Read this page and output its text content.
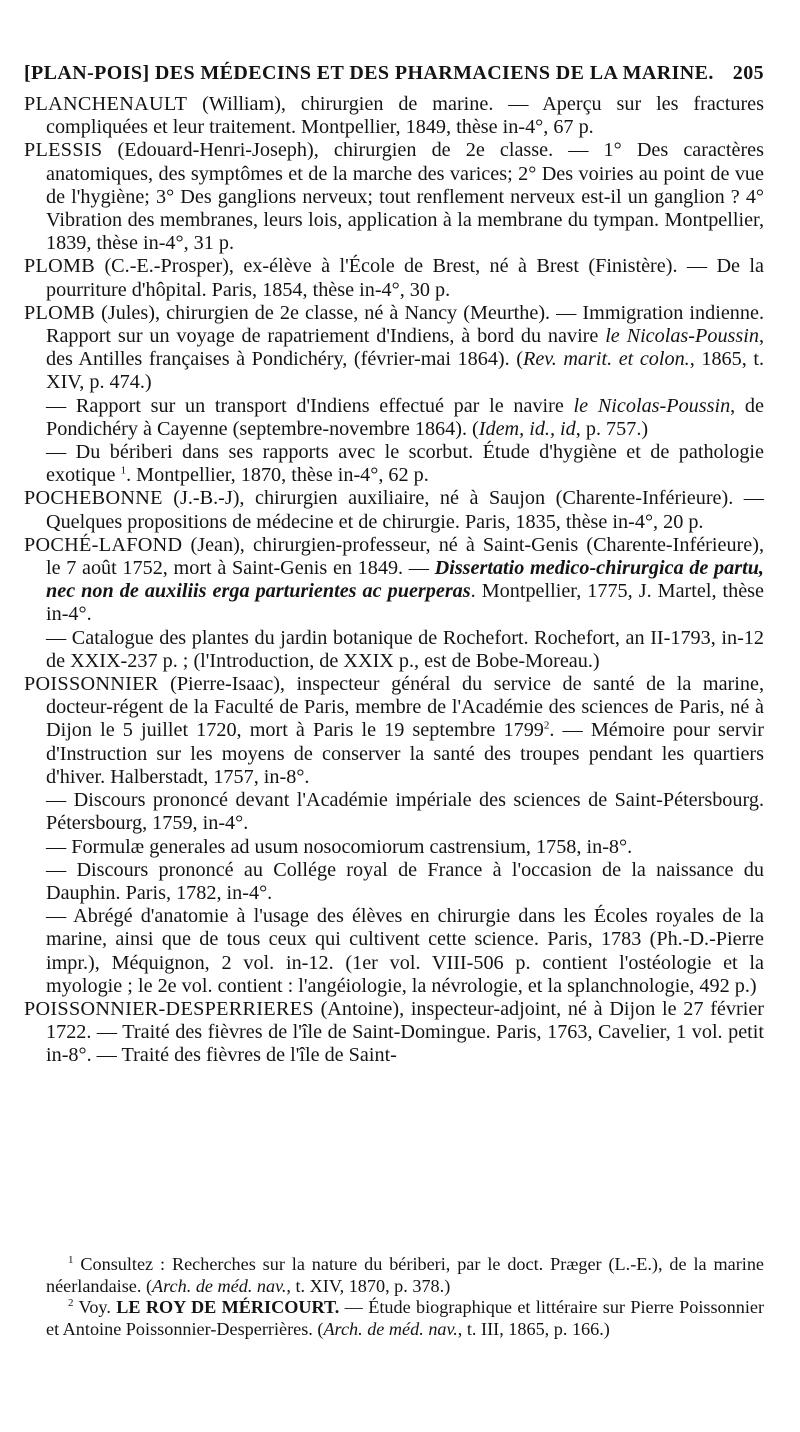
[PLAN-POIS] DES MÉDECINS ET DES PHARMACIENS DE LA MARINE. 205

PLANCHENAULT (William), chirurgien de marine. — Aperçu sur les fractures compliquées et leur traitement. Montpellier, 1849, thèse in-4°, 67 p.

PLESSIS (Edouard-Henri-Joseph), chirurgien de 2e classe. — 1° Des caractères anatomiques, des symptômes et de la marche des varices; 2° Des voiries au point de vue de l'hygiène; 3° Des ganglions nerveux; tout renflement nerveux est-il un ganglion ? 4° Vibration des membranes, leurs lois, application à la membrane du tympan. Montpellier, 1839, thèse in-4°, 31 p.

PLOMB (C.-E.-Prosper), ex-élève à l'École de Brest, né à Brest (Finistère). — De la pourriture d'hôpital. Paris, 1854, thèse in-4°, 30 p.

PLOMB (Jules), chirurgien de 2e classe, né à Nancy (Meurthe). — Immigration indienne. Rapport sur un voyage de rapatriement d'Indiens, à bord du navire le Nicolas-Poussin, des Antilles françaises à Pondichéry, (février-mai 1864). (Rev. marit. et colon., 1865, t. XIV, p. 474.)

— Rapport sur un transport d'Indiens effectué par le navire le Nicolas-Poussin, de Pondichéry à Cayenne (septembre-novembre 1864). (Idem, id., id, p. 757.)

— Du bériberi dans ses rapports avec le scorbut. Étude d'hygiène et de pathologie exotique $^1$. Montpellier, 1870, thèse in-4°, 62 p.

POCHEBONNE (J.-B.-J), chirurgien auxiliaire, né à Saujon (Charente-Inférieure). — Quelques propositions de médecine et de chirurgie. Paris, 1835, thèse in-4°, 20 p.

POCHÉ-LAFOND (Jean), chirurgien-professeur, né à Saint-Genis (Charente-Inférieure), le 7 août 1752, mort à Saint-Genis en 1849. — Dissertatio medico-chirurgica de partu, nec non de auxiliis erga parturientes ac puerperas. Montpellier, 1775, J. Martel, thèse in-4°.

— Catalogue des plantes du jardin botanique de Rochefort. Rochefort, an II-1793, in-12 de XXIX-237 p. ; (l'Introduction, de XXIX p., est de Bobe-Moreau.)

POISSONNIER (Pierre-Isaac), inspecteur général du service de santé de la marine, docteur-régent de la Faculté de Paris, membre de l'Académie des sciences de Paris, né à Dijon le 5 juillet 1720, mort à Paris le 19 septembre 1799$^2$. — Mémoire pour servir d'Instruction sur les moyens de conserver la santé des troupes pendant les quartiers d'hiver. Halberstadt, 1757, in-8°.

— Discours prononcé devant l'Académie impériale des sciences de Saint-Pétersbourg. Pétersbourg, 1759, in-4°.

— Formulæ generales ad usum nosocomiorum castrensium, 1758, in-8°.

— Discours prononcé au Collége royal de France à l'occasion de la naissance du Dauphin. Paris, 1782, in-4°.

— Abrégé d'anatomie à l'usage des élèves en chirurgie dans les Écoles royales de la marine, ainsi que de tous ceux qui cultivent cette science. Paris, 1783 (Ph.-D.-Pierre impr.), Méquignon, 2 vol. in-12. (1er vol. VIII-506 p. contient l'ostéologie et la myologie ; le 2e vol. contient : l'angéiologie, la névrologie, et la splanchnologie, 492 p.)

POISSONNIER-DESPERRIERES (Antoine), inspecteur-adjoint, né à Dijon le 27 février 1722. — Traité des fièvres de l'île de Saint-Domingue. Paris, 1763, Cavelier, 1 vol. petit in-8°. — Traité des fièvres de l'île de Saint-

$^1$ Consultez : Recherches sur la nature du bériberi, par le doct. Præger (L.-E.), de la marine néerlandaise. (Arch. de méd. nav., t. XIV, 1870, p. 378.)

$^2$ Voy. LE ROY DE MÉRICOURT. — Étude biographique et littéraire sur Pierre Poissonnier et Antoine Poissonnier-Desperrières. (Arch. de méd. nav., t. III, 1865, p. 166.)
